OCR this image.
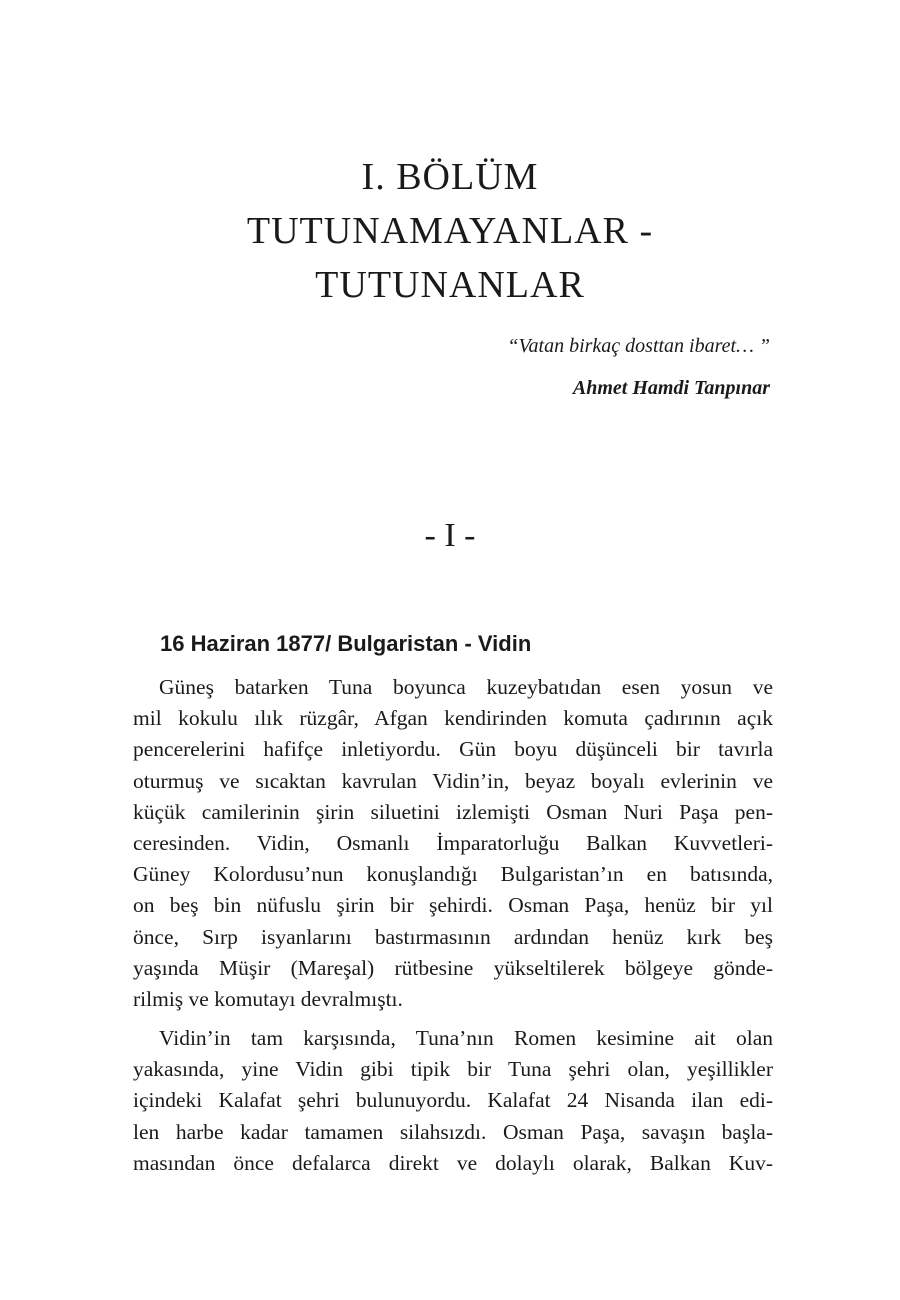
I. BÖLÜM
TUTUNAMAYANLAR -
TUTUNANLAR
“Vatan birkaç dosttan ibaret… ”
Ahmet Hamdi Tanpınar
- I -
16 Haziran 1877/ Bulgaristan - Vidin

Güneş batarken Tuna boyunca kuzeybatıdan esen yosun ve
mil kokulu ılık rüzgâr, Afgan kendirinden komuta çadırının açık
pencerelerini hafifçe inletiyordu. Gün boyu düşünceli bir tavırla
oturmuş ve sıcaktan kavrulan Vidin’in, beyaz boyalı evlerinin ve
küçük camilerinin şirin siluetini izlemişti Osman Nuri Paşa pen-
ceresinden. Vidin, Osmanlı İmparatorluğu Balkan Kuvvetleri-
Güney Kolordusu’nun konuşlandığı Bulgaristan’ın en batısında,
on beş bin nüfuslu şirin bir şehirdi. Osman Paşa, henüz bir yıl
önce, Sırp isyanlarını bastırmasının ardından henüz kırk beş
yaşında Müşir (Mareşal) rütbesine yükseltilerek bölgeye gönde-
rilmiş ve komutayı devralmıştı.

Vidin’in tam karşısında, Tuna’nın Romen kesimine ait olan
yakasında, yine Vidin gibi tipik bir Tuna şehri olan, yeşillikler
içindeki Kalafat şehri bulunuyordu. Kalafat 24 Nisanda ilan edi-
len harbe kadar tamamen silahsızdı. Osman Paşa, savaşın başla-
masından önce defalarca direkt ve dolaylı olarak, Balkan Kuv-
